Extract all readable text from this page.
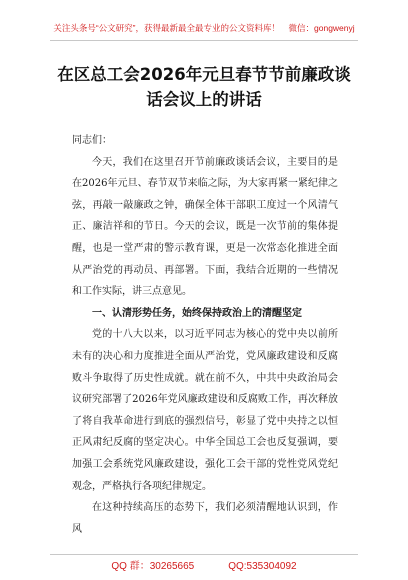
关注头条号“公文研究”，获得最新最全最专业的公文资料库！　微信：gongwenyj
在区总工会2026年元旦春节节前廉政谈
话会议上的讲话

同志们：

今天，我们在这里召开节前廉政谈话会议，主要目的是在2026年元旦、春节双节来临之际，为大家再紧一紧纪律之弦，再敲一敲廉政之钟，确保全体干部职工度过一个风清气正、廉洁祥和的节日。今天的会议，既是一次节前的集体提醒，也是一堂严肃的警示教育课，更是一次常态化推进全面从严治党的再动员、再部署。下面，我结合近期的一些情况和工作实际，讲三点意见。

一、认清形势任务，始终保持政治上的清醒坚定

党的十八大以来，以习近平同志为核心的党中央以前所未有的决心和力度推进全面从严治党，党风廉政建设和反腐败斗争取得了历史性成就。就在前不久，中共中央政治局会议研究部署了2026年党风廉政建设和反腐败工作，再次释放了将自我革命进行到底的强烈信号，彰显了党中央持之以恒正风肃纪反腐的坚定决心。中华全国总工会也反复强调，要加强工会系统党风廉政建设，强化工会干部的党性党风党纪观念，严格执行各项纪律规定。

在这种持续高压的态势下，我们必须清醒地认识到，作风

QQ 群：30265665	QQ:535304092
